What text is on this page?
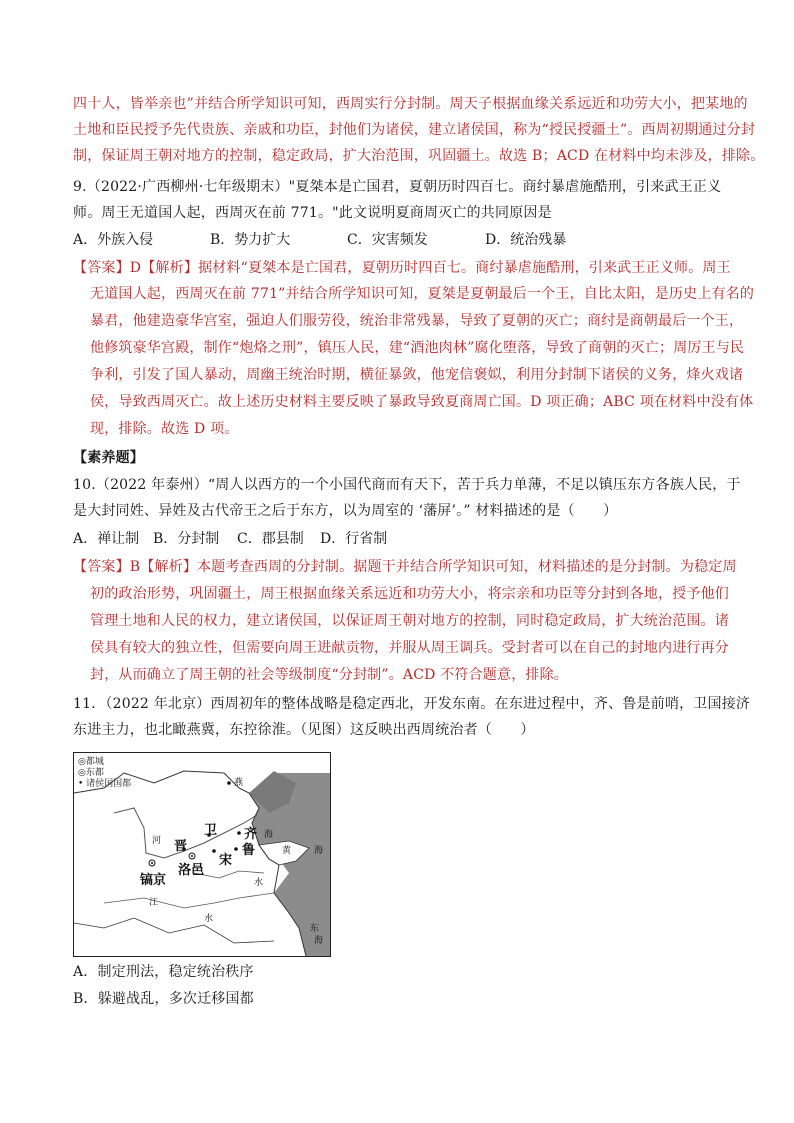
四十人，皆举亲也”并结合所学知识可知，西周实行分封制。周天子根据血缘关系远近和功劳大小，把某地的
土地和臣民授予先代贵族、亲戚和功臣，封他们为诸侯，建立诸侯国，称为“授民授疆土”。西周初期通过分封
制，保证周王朝对地方的控制，稳定政局，扩大治范围，巩固疆土。故选 B；ACD 在材料中均未涉及，排除。
9.（2022·广西柳州·七年级期末）"夏桀本是亡国君，夏朝历时四百七。商纣暴虐施酷刑，引来武王正义
师。周王无道国人起，西周灭在前 771。"此文说明夏商周灭亡的共同原因是
A．外族入侵	B．势力扩大	C．灾害频发	D．统治残暴
【答案】D【解析】据材料“夏桀本是亡国君，夏朝历时四百七。商纣暴虐施酷刑，引来武王正义师。周王
无道国人起，西周灭在前 771”并结合所学知识可知，夏桀是夏朝最后一个王，自比太阳，是历史上有名的
暴君，他建造豪华宫室，强迫人们服劳役，统治非常残暴，导致了夏朝的灭亡；商纣是商朝最后一个王，
他修筑豪华宫殿，制作“炮烙之刑”，镇压人民，建“酒池肉林”腐化堕落，导致了商朝的灭亡；周厉王与民
争利，引发了国人暴动，周幽王统治时期，横征暴敛，他宠信褒姒，利用分封制下诸侯的义务，烽火戏诸
侯，导致西周灭亡。故上述历史材料主要反映了暴政导致夏商周亡国。D 项正确；ABC 项在材料中没有体
现，排除。故选 D 项。
【素养题】
10.（2022 年泰州）“周人以西方的一个小国代商而有天下，苦于兵力单薄，不足以镇压东方各族人民，于
是大封同姓、异姓及古代帝王之后于东方，以为周室的 ‘藩屏’。” 材料描述的是（　　）
A．禅让制 B．分封制 C．郡县制 D．行省制
【答案】B【解析】本题考查西周的分封制。据题干并结合所学知识可知，材料描述的是分封制。为稳定周
初的政治形势，巩固疆土，周王根据血缘关系远近和功劳大小，将宗亲和功臣等分封到各地，授予他们
管理土地和人民的权力，建立诸侯国，以保证周王朝对地方的控制，同时稳定政局，扩大统治范围。诸
侯具有较大的独立性，但需要向周王进献贡物，并服从周王调兵。受封者可以在自己的封地内进行再分
封，从而确立了周王朝的社会等级制度“分封制”。ACD 不符合题意，排除。
11．（2022 年北京）西周初年的整体战略是稳定西北，开发东南。在东进过程中，齐、鲁是前哨，卫国接济
东进主力，也北瞰燕冀，东控徐淮。（见图）这反映出西周统治者（　　）
◎都城
◎东都
• 诸侯国国都	燕
卫
晋
齐
鲁
宋
洛邑
镐京
海
黄	海
东
海
河
水
水
江
A．制定刑法，稳定统治秩序
B．躲避战乱，多次迁移国都
